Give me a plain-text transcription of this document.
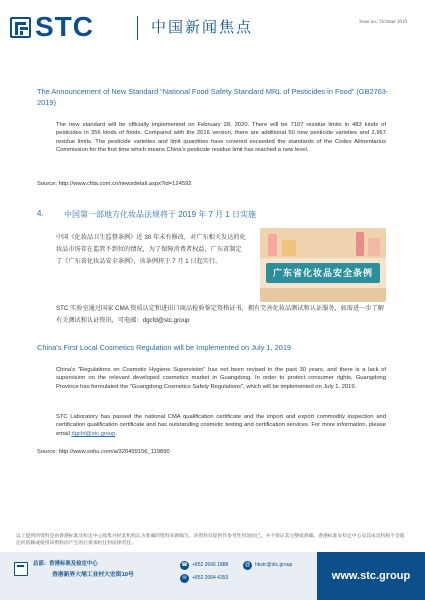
STC	中国新闻焦点	Issue no.: October 2019
The Announcement of New Standard “National Food Safety Standard MRL of Pesticides in Food” (GB2763-2019)
The new standard will be officially implemented on February 28, 2020. There will be 7107 residue limits in 483 kinds of pesticides in 356 kinds of foods. Compared with the 2016 version, there are additional 50 new pesticide varieties and 2,967 residue limits. The pesticide varieties and limit quantities have covered exceeded the standards of the Codex Alimentarius Commission for the first time which means China's pesticide residue limit has reached a new level.
Source: http://www.cfda.com.cn/newsdetail.aspx?id=124592
4.	中国第一部地方化妆品法规将于 2019 年 7 月 1 日实施
中国《化妆品卫生监督条例》近 30 年未有修改，对广东相关发达的化妆品市场存在监管不到位的情况，为了保障消费者权益，广东省制定了《广东省化妆品安全条例》，该条例将于 7 月 1 日起实行。
广东省化妆品安全条例
STC 实验室通过国家 CMA 资质认定和进出口商品检验鉴定资格证书，拥有完善化妆品测试和认证服务，如需进一步了解有关测试和认证资讯，可电邮：dgcfd@stc.group
China's First Local Cosmetics Regulation will be Implemented on July 1, 2019
China's "Regulations on Cosmetic Hygiene Supervision" has not been revised in the past 30 years, and there is a lack of supervision on the relevant developed cosmetics market in Guangdong. In order to protect consumer rights, Guangdong Province has formulated the "Guangdong Cosmetics Safety Regulations", which will be implemented on July 1, 2019.
STC Laboratory has passed the national CMA qualification certificate and the import and export commodity inspection and certification qualification certificate and has outstanding cosmetic testing and certification services. For more information, please email dgcfd@stc.group.
Source: http://www.sohu.com/a/320499156_119890
以上提到的资料是由香港标准及检定中心收集并经其机构认为准确的资料来源编写。该资料仅提供作参考性用途而已，并不保证其完整或准确。香港标准及检定中心及其成员机构不会就任何依赖或使用该资料而产生的后果承担任何法律责任。
总部：香港标准及检定中心
香港新界大埔工业村大宏街10号
☎ +852 2666 1888
✉	+852 2664 4353
@ hkstc@stc.group
www.stc.group
